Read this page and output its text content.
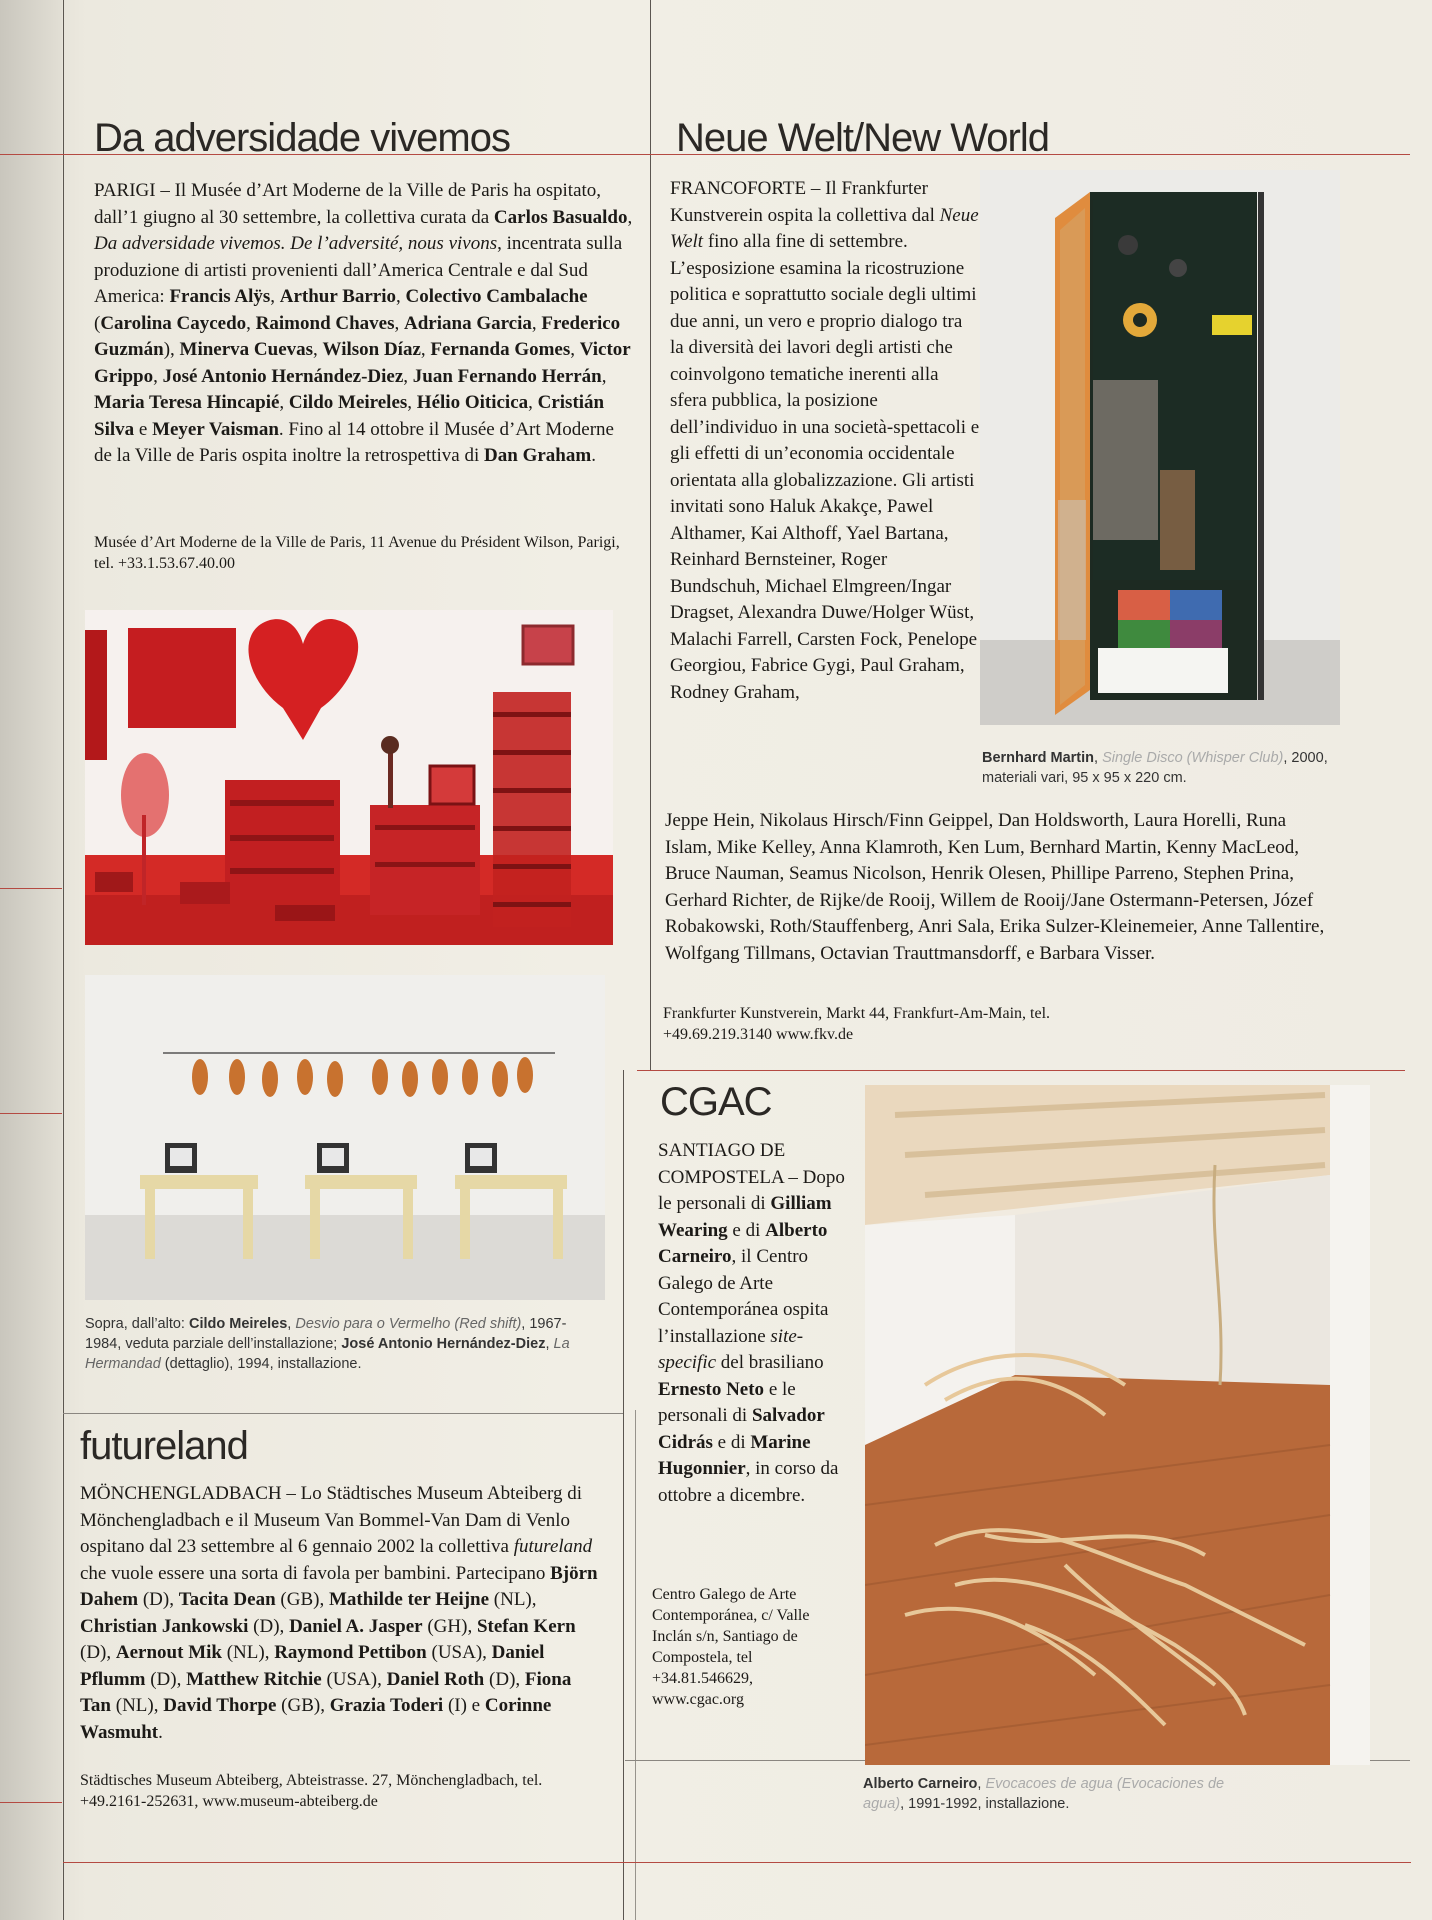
Da adversidade vivemos

PARIGI – Il Musée d’Art Moderne de la Ville de Paris ha ospitato, dall’1 giugno al 30 settembre, la collettiva curata da Carlos Basualdo, Da adversidade vivemos. De l’adversité, nous vivons, incentrata sulla produzione di artisti provenienti dall’America Centrale e dal Sud America: Francis Alÿs, Arthur Barrio, Colectivo Cambalache (Carolina Caycedo, Raimond Chaves, Adriana Garcia, Frederico Guzmán), Minerva Cuevas, Wilson Díaz, Fernanda Gomes, Victor Grippo, José Antonio Hernández-Diez, Juan Fernando Herrán, Maria Teresa Hincapié, Cildo Meireles, Hélio Oiticica, Cristián Silva e Meyer Vaisman. Fino al 14 ottobre il Musée d’Art Moderne de la Ville de Paris ospita inoltre la retrospettiva di Dan Graham.

Musée d’Art Moderne de la Ville de Paris, 11 Avenue du Président Wilson, Parigi, tel. +33.1.53.67.40.00

Sopra, dall’alto: Cildo Meireles, Desvio para o Vermelho (Red shift), 1967-1984, veduta parziale dell’installazione; José Antonio Hernández-Diez, La Hermandad (dettaglio), 1994, installazione.

Neue Welt/New World

FRANCOFORTE – Il Frankfurter Kunstverein ospita la collettiva dal Neue Welt fino alla fine di settembre. L’esposizione esamina la ricostruzione politica e soprattutto sociale degli ultimi due anni, un vero e proprio dialogo tra la diversità dei lavori degli artisti che coinvolgono tematiche inerenti alla sfera pubblica, la posizione dell’individuo in una società-spettacoli e gli effetti di un’economia occidentale orientata alla globalizzazione. Gli artisti invitati sono Haluk Akakçe, Pawel Althamer, Kai Althoff, Yael Bartana, Reinhard Bernsteiner, Roger Bundschuh, Michael Elmgreen/Ingar Dragset, Alexandra Duwe/Holger Wüst, Malachi Farrell, Carsten Fock, Penelope Georgiou, Fabrice Gygi, Paul Graham, Rodney Graham,

Bernhard Martin, Single Disco (Whisper Club), 2000, materiali vari, 95 x 95 x 220 cm.

Jeppe Hein, Nikolaus Hirsch/Finn Geippel, Dan Holdsworth, Laura Horelli, Runa Islam, Mike Kelley, Anna Klamroth, Ken Lum, Bernhard Martin, Kenny MacLeod, Bruce Nauman, Seamus Nicolson, Henrik Olesen, Phillipe Parreno, Stephen Prina, Gerhard Richter, de Rijke/de Rooij, Willem de Rooij/Jane Ostermann-Petersen, Józef Robakowski, Roth/Stauffenberg, Anri Sala, Erika Sulzer-Kleinemeier, Anne Tallentire, Wolfgang Tillmans, Octavian Trauttmansdorff, e Barbara Visser.

Frankfurter Kunstverein, Markt 44, Frankfurt-Am-Main, tel. +49.69.219.3140 www.fkv.de

CGAC

SANTIAGO DE COMPOSTELA – Dopo le personali di Gilliam Wearing e di Alberto Carneiro, il Centro Galego de Arte Contemporánea ospita l’installazione site-specific del brasiliano Ernesto Neto e le personali di Salvador Cidrás e di Marine Hugonnier, in corso da ottobre a dicembre.

Centro Galego de Arte Contemporánea, c/ Valle Inclán s/n, Santiago de Compostela, tel +34.81.546629, www.cgac.org

Alberto Carneiro, Evocacoes de agua (Evocaciones de agua), 1991-1992, installazione.

futureland

MÖNCHENGLADBACH – Lo Städtisches Museum Abteiberg di Mönchengladbach e il Museum Van Bommel-Van Dam di Venlo ospitano dal 23 settembre al 6 gennaio 2002 la collettiva futureland che vuole essere una sorta di favola per bambini. Partecipano Björn Dahem (D), Tacita Dean (GB), Mathilde ter Heijne (NL), Christian Jankowski (D), Daniel A. Jasper (GH), Stefan Kern (D), Aernout Mik (NL), Raymond Pettibon (USA), Daniel Pflumm (D), Matthew Ritchie (USA), Daniel Roth (D), Fiona Tan (NL), David Thorpe (GB), Grazia Toderi (I) e Corinne Wasmuht.

Städtisches Museum Abteiberg, Abteistrasse. 27, Mönchengladbach, tel. +49.2161-252631, www.museum-abteiberg.de
